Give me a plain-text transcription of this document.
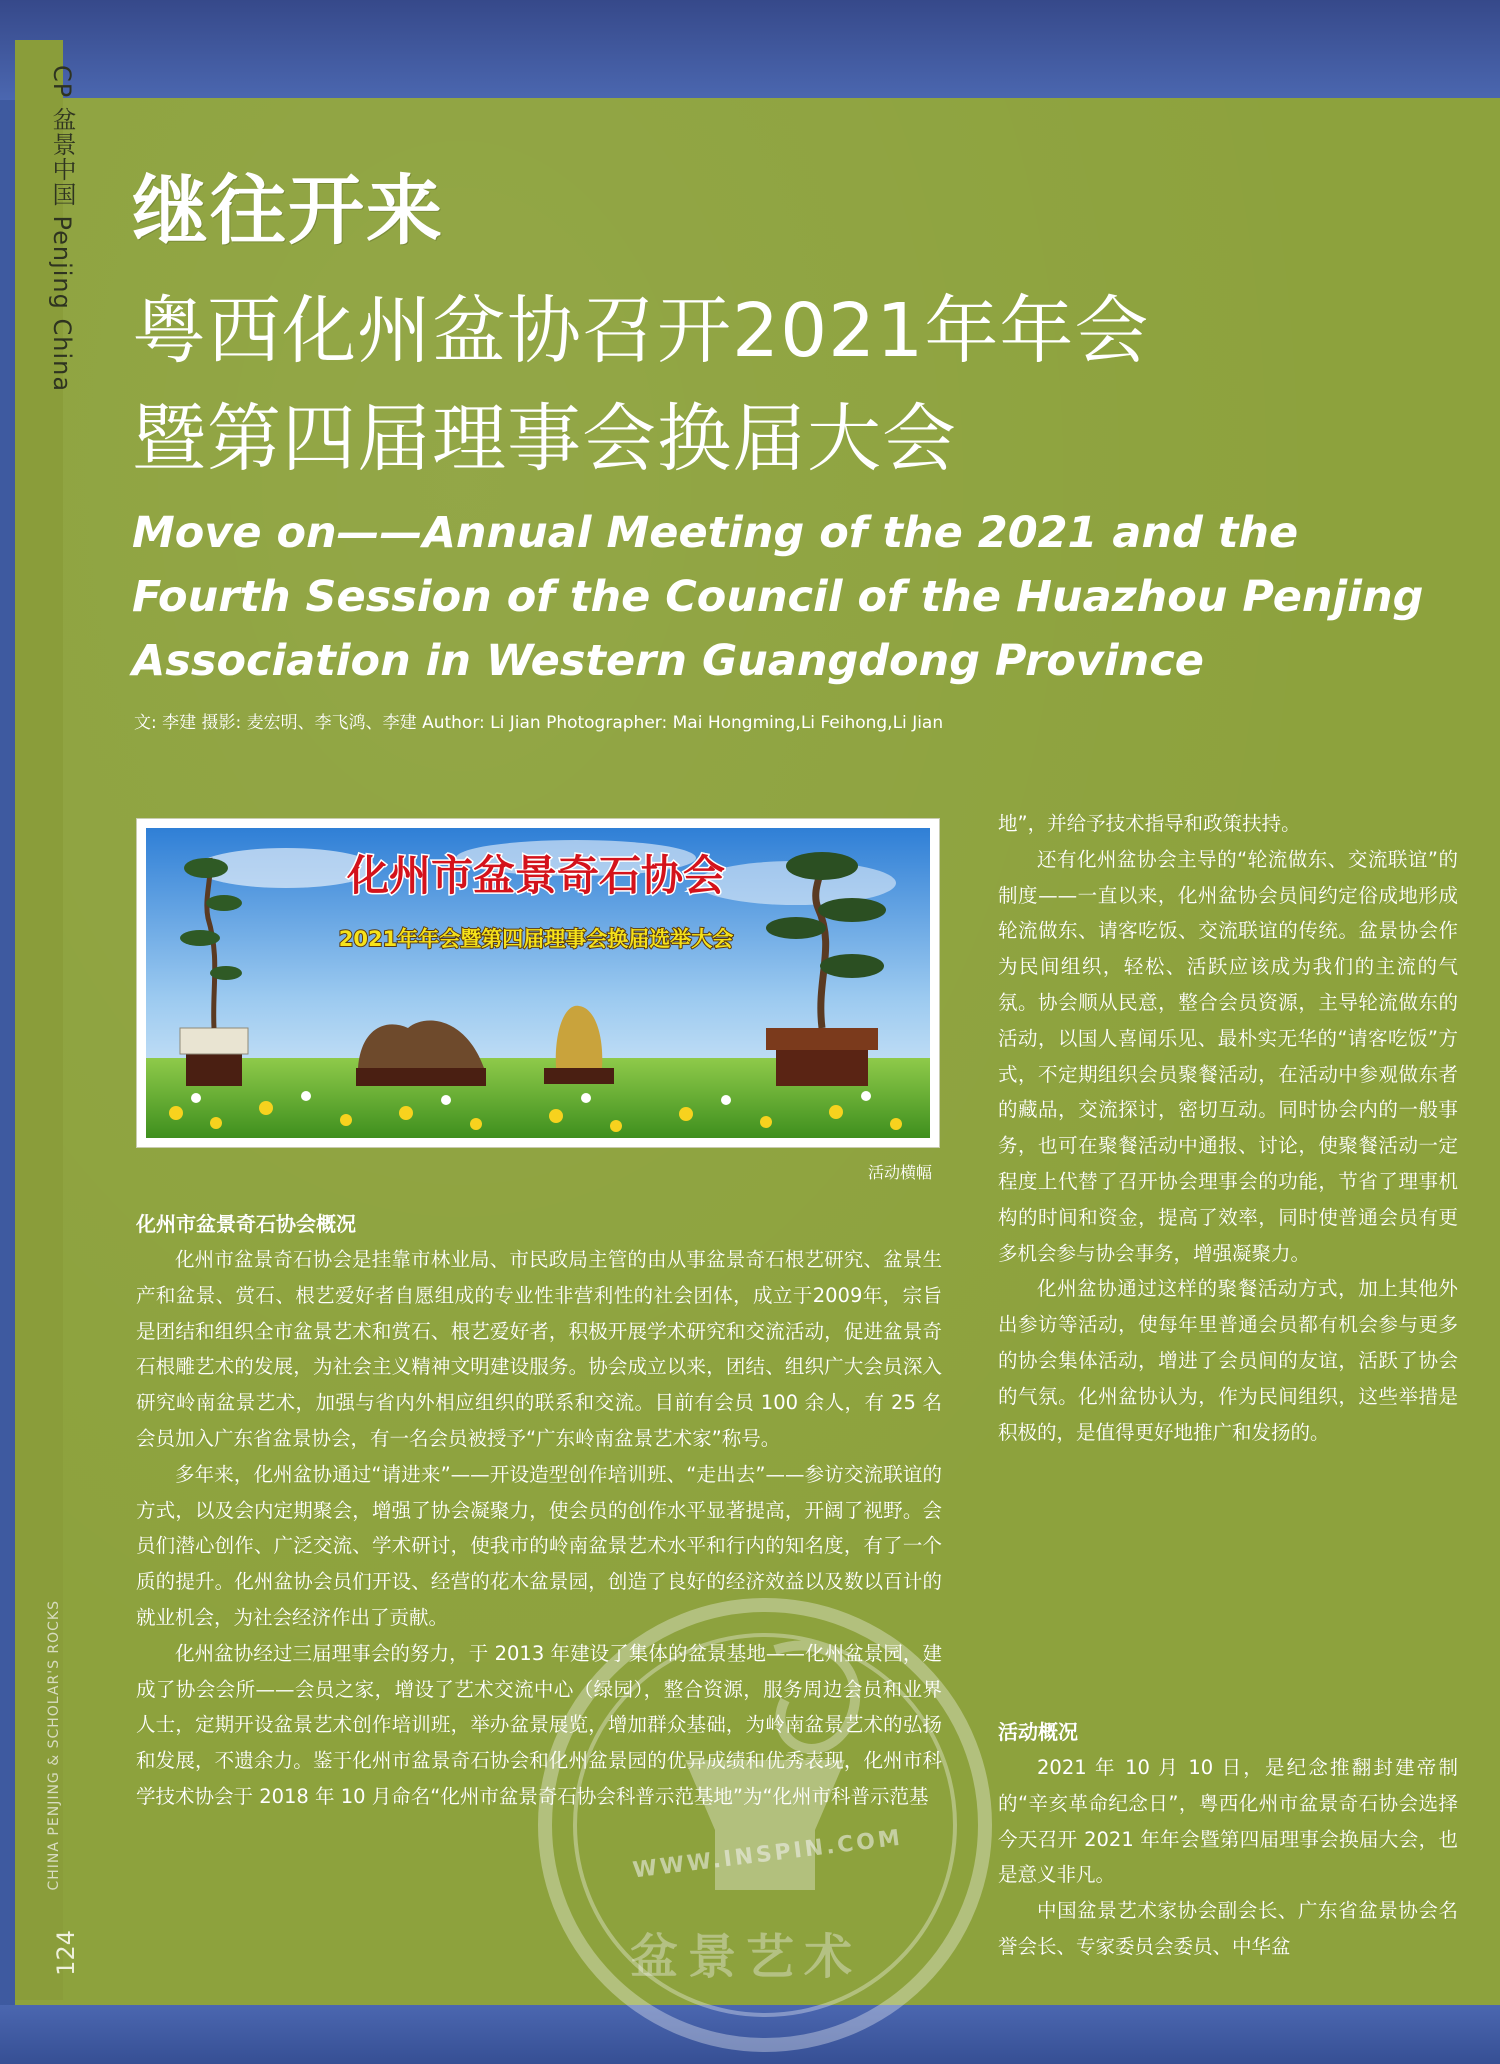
CP 盆景中国 Penjing China
CHINA PENJING & SCHOLAR'S ROCKS
124
继往开来
粤西化州盆协召开2021年年会
暨第四届理事会换届大会
Move on——Annual Meeting of the 2021 and the
Fourth Session of the Council of the Huazhou Penjing
Association in Western Guangdong Province
文: 李建 摄影: 麦宏明、李飞鸿、李建 Author: Li Jian Photographer: Mai Hongming,Li Feihong,Li Jian
化州市盆景奇石协会
2021年年会暨第四届理事会换届选举大会
活动横幅
化州市盆景奇石协会概况

化州市盆景奇石协会是挂靠市林业局、市民政局主管的由从事盆景奇石根艺研究、盆景生产和盆景、赏石、根艺爱好者自愿组成的专业性非营利性的社会团体，成立于2009年，宗旨是团结和组织全市盆景艺术和赏石、根艺爱好者，积极开展学术研究和交流活动，促进盆景奇石根雕艺术的发展，为社会主义精神文明建设服务。协会成立以来，团结、组织广大会员深入研究岭南盆景艺术，加强与省内外相应组织的联系和交流。目前有会员 100 余人，有 25 名会员加入广东省盆景协会，有一名会员被授予“广东岭南盆景艺术家”称号。

多年来，化州盆协通过“请进来”——开设造型创作培训班、“走出去”——参访交流联谊的方式，以及会内定期聚会，增强了协会凝聚力，使会员的创作水平显著提高，开阔了视野。会员们潜心创作、广泛交流、学术研讨，使我市的岭南盆景艺术水平和行内的知名度，有了一个质的提升。化州盆协会员们开设、经营的花木盆景园，创造了良好的经济效益以及数以百计的就业机会，为社会经济作出了贡献。

化州盆协经过三届理事会的努力，于 2013 年建设了集体的盆景基地——化州盆景园，建成了协会会所——会员之家，增设了艺术交流中心（绿园），整合资源，服务周边会员和业界人士，定期开设盆景艺术创作培训班，举办盆景展览，增加群众基础，为岭南盆景艺术的弘扬和发展，不遗余力。鉴于化州市盆景奇石协会和化州盆景园的优异成绩和优秀表现，化州市科学技术协会于 2018 年 10 月命名“化州市盆景奇石协会科普示范基地”为“化州市科普示范基

地”，并给予技术指导和政策扶持。

还有化州盆协会主导的“轮流做东、交流联谊”的制度——一直以来，化州盆协会员间约定俗成地形成轮流做东、请客吃饭、交流联谊的传统。盆景协会作为民间组织，轻松、活跃应该成为我们的主流的气氛。协会顺从民意，整合会员资源，主导轮流做东的活动，以国人喜闻乐见、最朴实无华的“请客吃饭”方式，不定期组织会员聚餐活动，在活动中参观做东者的藏品，交流探讨，密切互动。同时协会内的一般事务，也可在聚餐活动中通报、讨论，使聚餐活动一定程度上代替了召开协会理事会的功能，节省了理事机构的时间和资金，提高了效率，同时使普通会员有更多机会参与协会事务，增强凝聚力。

化州盆协通过这样的聚餐活动方式，加上其他外出参访等活动，使每年里普通会员都有机会参与更多的协会集体活动，增进了会员间的友谊，活跃了协会的气氛。化州盆协认为，作为民间组织，这些举措是积极的，是值得更好地推广和发扬的。

活动概况

2021 年 10 月 10 日，是纪念推翻封建帝制的“辛亥革命纪念日”，粤西化州市盆景奇石协会选择今天召开 2021 年年会暨第四届理事会换届大会，也是意义非凡。

中国盆景艺术家协会副会长、广东省盆景协会名誉会长、专家委员会委员、中华盆

WWW.INSPIN.COM
盆景艺术
